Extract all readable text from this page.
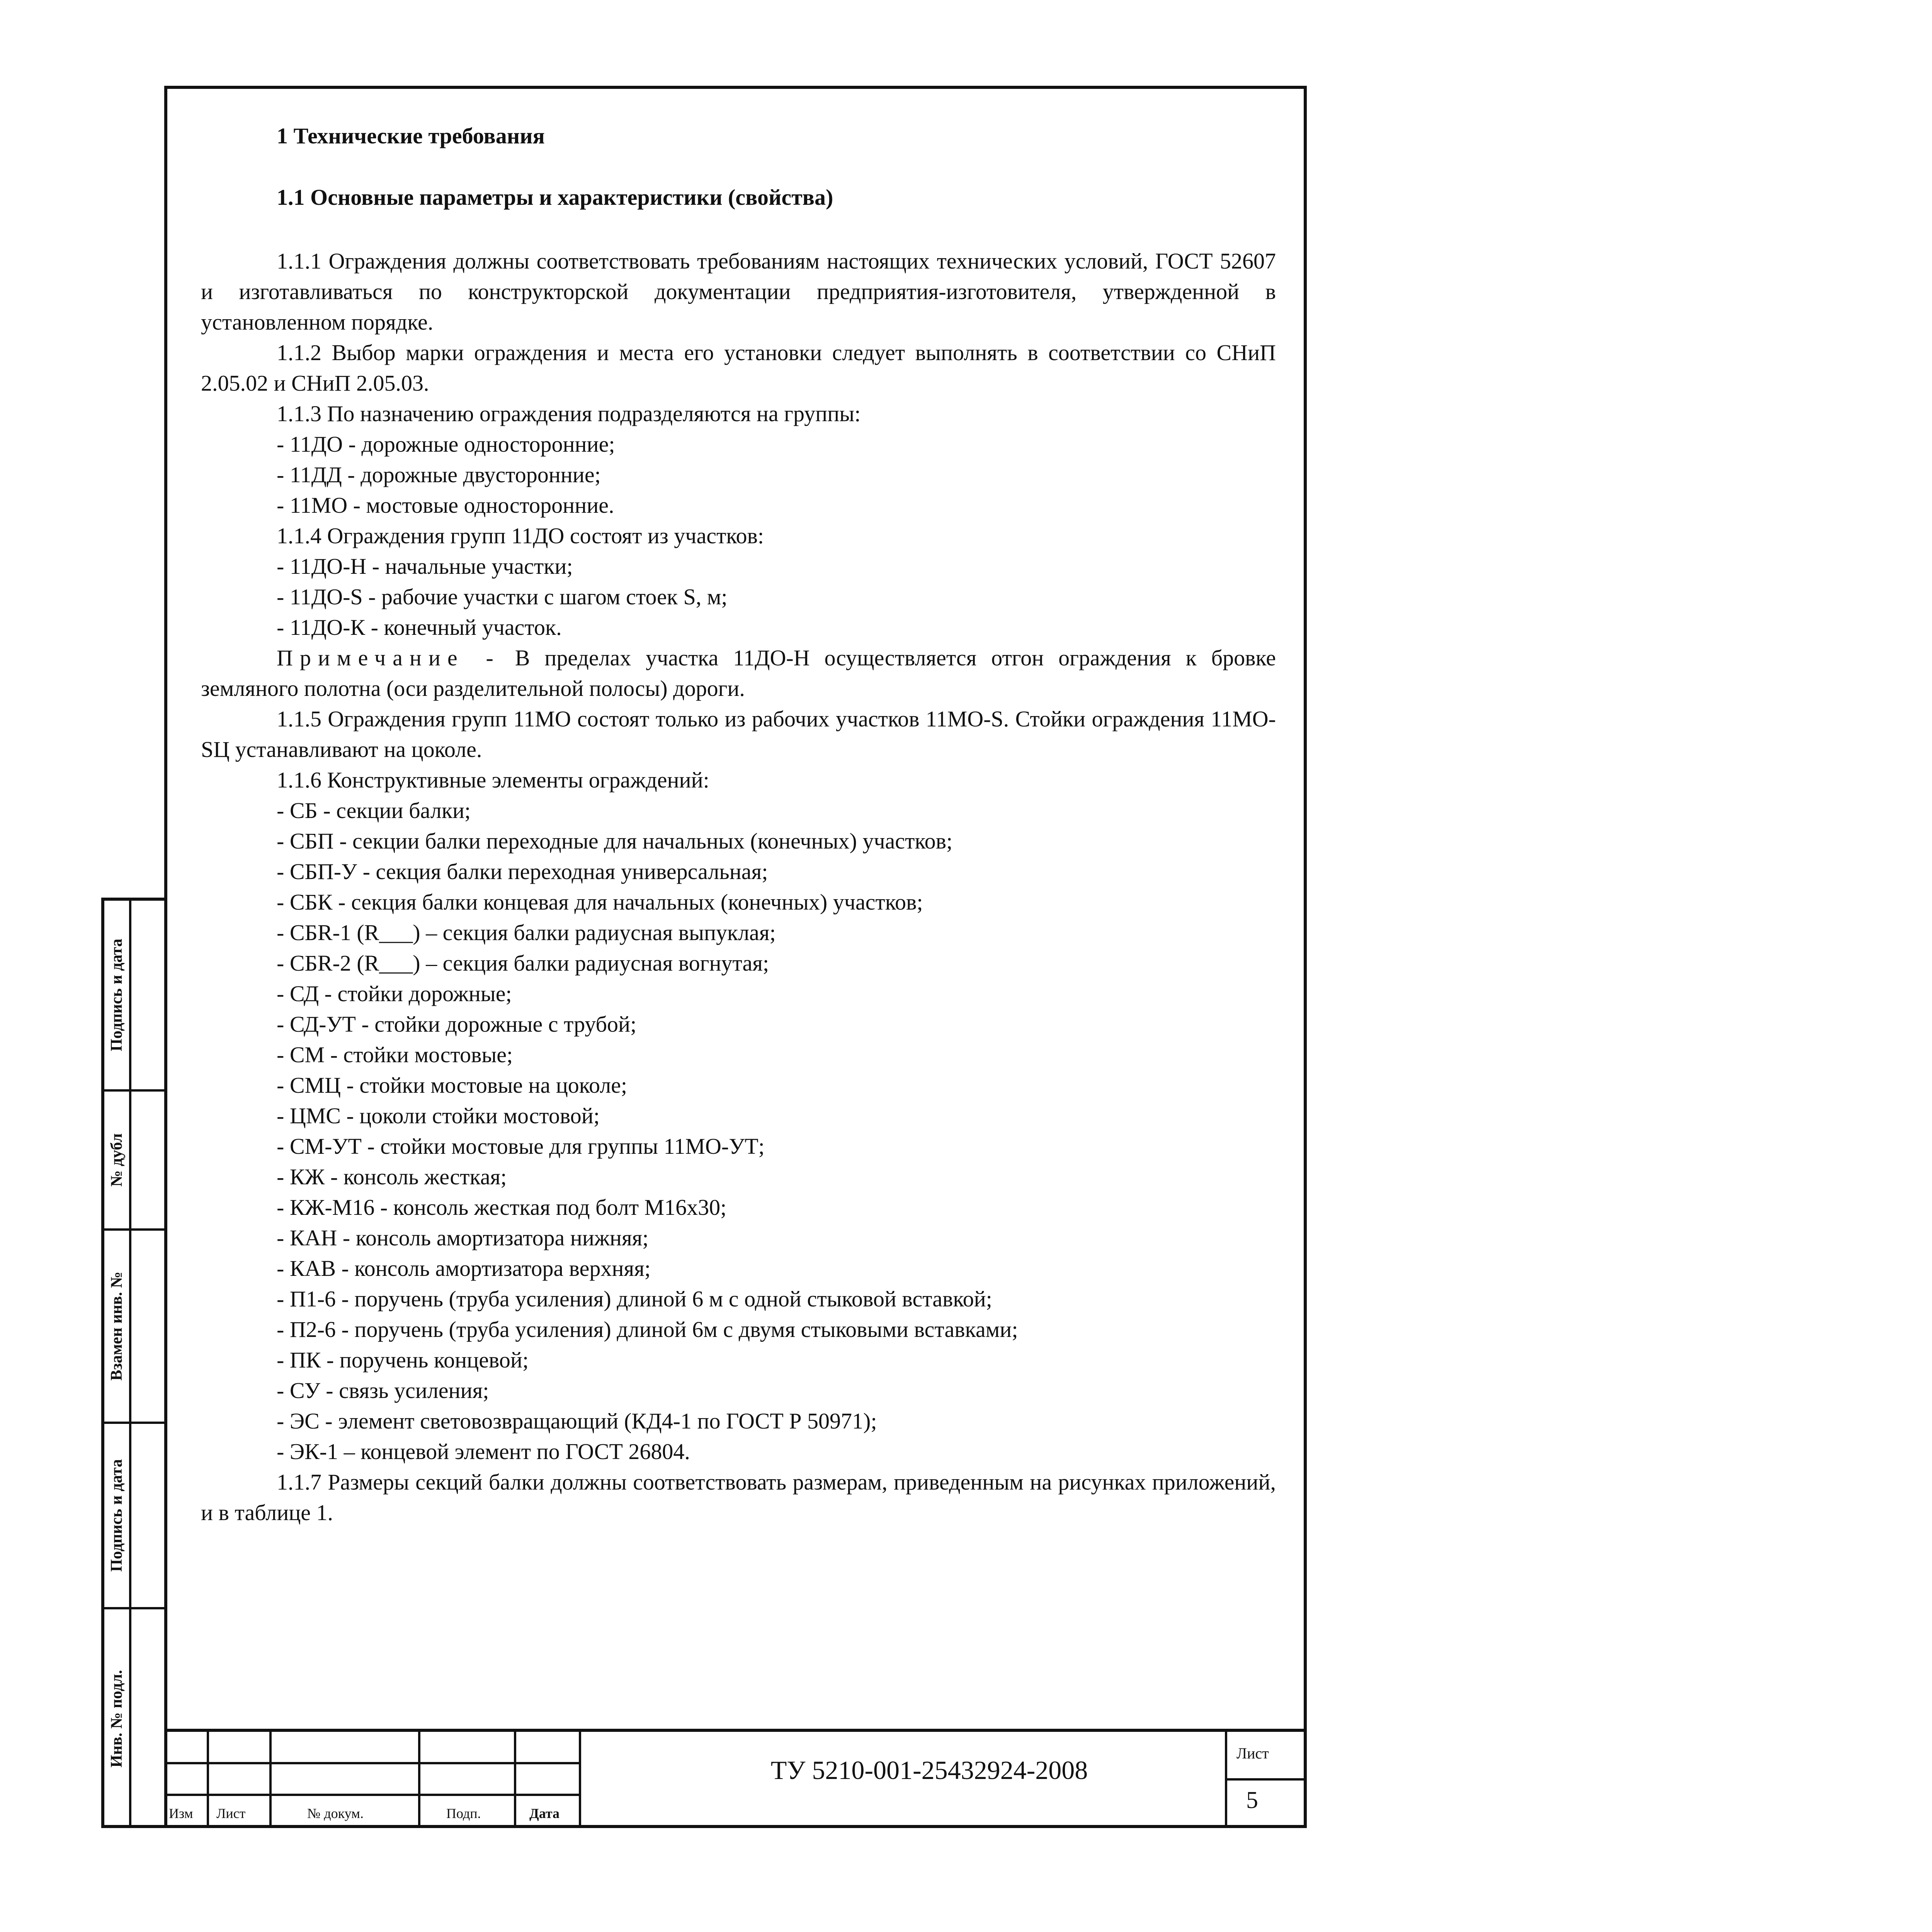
Подпись и дата
№ дубл
Взамен инв. №
Подпись и дата
Инв. № подл.
1 Технические требования
1.1 Основные параметры и характеристики (свойства)

1.1.1 Ограждения должны соответствовать требованиям настоящих технических условий, ГОСТ 52607 и изготавливаться по конструкторской документации предприятия-изготовителя, утвержденной в установленном порядке.

1.1.2 Выбор марки ограждения и места его установки следует выполнять в соответствии со СНиП 2.05.02 и СНиП 2.05.03.

1.1.3 По назначению ограждения подразделяются на группы:

- 11ДО - дорожные односторонние;
- 11ДД - дорожные двусторонние;
- 11МО - мостовые односторонние.

1.1.4 Ограждения групп 11ДО состоят из участков:

- 11ДО-Н - начальные участки;
- 11ДО-S - рабочие участки с шагом стоек S, м;
- 11ДО-К - конечный участок.

Примечание - В пределах участка 11ДО-Н осуществляется отгон ограждения к бровке земляного полотна (оси разделительной полосы) дороги.

1.1.5 Ограждения групп 11МО состоят только из рабочих участков 11МО-S. Стойки ограждения 11МО-SЦ устанавливают на цоколе.

1.1.6 Конструктивные элементы ограждений:

- СБ - секции балки;
- СБП - секции балки переходные для начальных (конечных) участков;
- СБП-У - секция балки переходная универсальная;
- СБК - секция балки концевая для начальных (конечных) участков;
- СБR-1 (R___) – секция балки радиусная выпуклая;
- СБR-2 (R___) – секция балки радиусная вогнутая;
- СД - стойки дорожные;
- СД-УТ - стойки дорожные с трубой;
- СМ - стойки мостовые;
- СМЦ - стойки мостовые на цоколе;
- ЦМС - цоколи стойки мостовой;
- СМ-УТ - стойки мостовые для группы 11МО-УТ;
- КЖ - консоль жесткая;
- КЖ-М16 - консоль жесткая под болт М16х30;
- КАН - консоль амортизатора нижняя;
- КАВ - консоль амортизатора верхняя;
- П1-6 - поручень (труба усиления) длиной 6 м с одной стыковой вставкой;
- П2-6 - поручень (труба усиления) длиной 6м с двумя стыковыми вставками;
- ПК - поручень концевой;
- СУ - связь усиления;
- ЭС - элемент световозвращающий (КД4-1 по ГОСТ Р 50971);
- ЭК-1 – концевой элемент по ГОСТ 26804.

1.1.7 Размеры секций балки должны соответствовать размерам, приведенным на рисунках приложений, и в таблице 1.

Изм Лист	№ докум.	Подп.	Дата
ТУ 5210-001-25432924-2008
Лист
5
